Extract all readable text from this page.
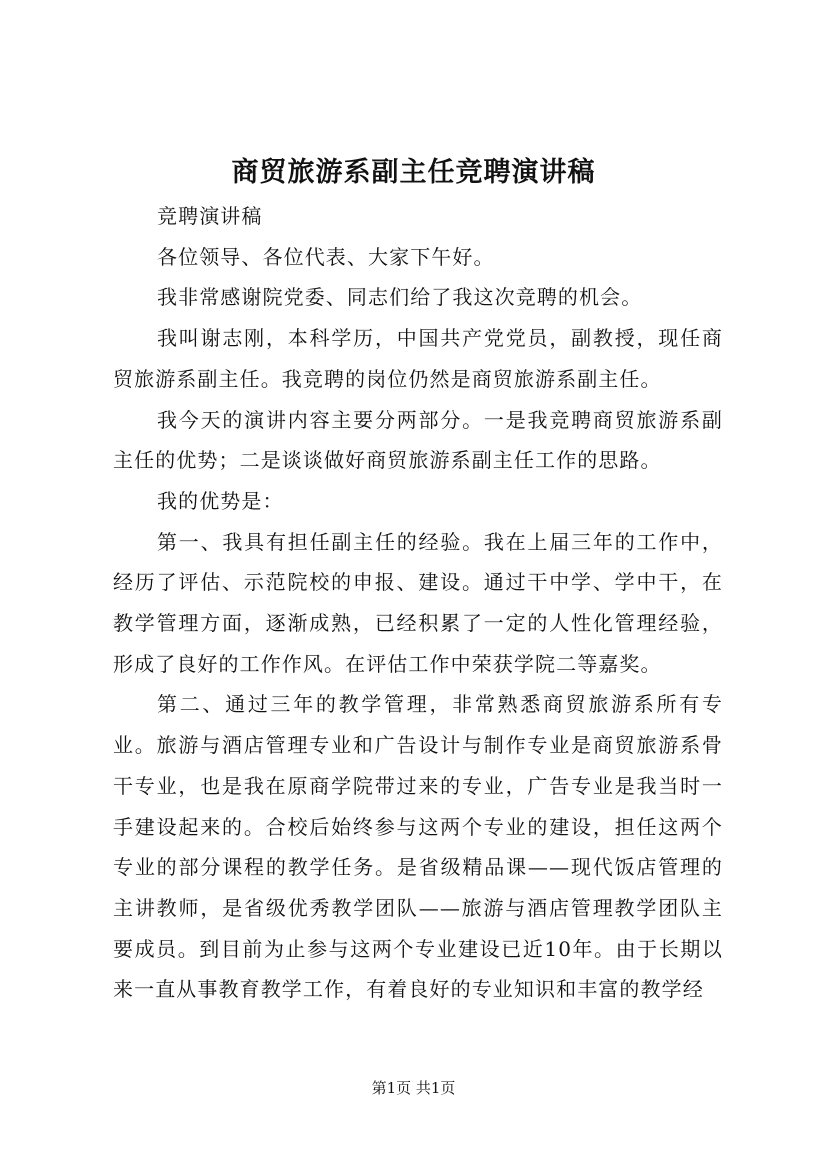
商贸旅游系副主任竞聘演讲稿

竞聘演讲稿

各位领导、各位代表、大家下午好。

我非常感谢院党委、同志们给了我这次竞聘的机会。

我叫谢志刚，本科学历，中国共产党党员，副教授，现任商贸旅游系副主任。我竞聘的岗位仍然是商贸旅游系副主任。

我今天的演讲内容主要分两部分。一是我竞聘商贸旅游系副主任的优势；二是谈谈做好商贸旅游系副主任工作的思路。

我的优势是：

第一、我具有担任副主任的经验。我在上届三年的工作中，经历了评估、示范院校的申报、建设。通过干中学、学中干，在教学管理方面，逐渐成熟，已经积累了一定的人性化管理经验，形成了良好的工作作风。在评估工作中荣获学院二等嘉奖。

第二、通过三年的教学管理，非常熟悉商贸旅游系所有专业。旅游与酒店管理专业和广告设计与制作专业是商贸旅游系骨干专业，也是我在原商学院带过来的专业，广告专业是我当时一手建设起来的。合校后始终参与这两个专业的建设，担任这两个专业的部分课程的教学任务。是省级精品课——现代饭店管理的主讲教师，是省级优秀教学团队——旅游与酒店管理教学团队主要成员。到目前为止参与这两个专业建设已近10年。由于长期以来一直从事教育教学工作，有着良好的专业知识和丰富的教学经

第1页 共1页
